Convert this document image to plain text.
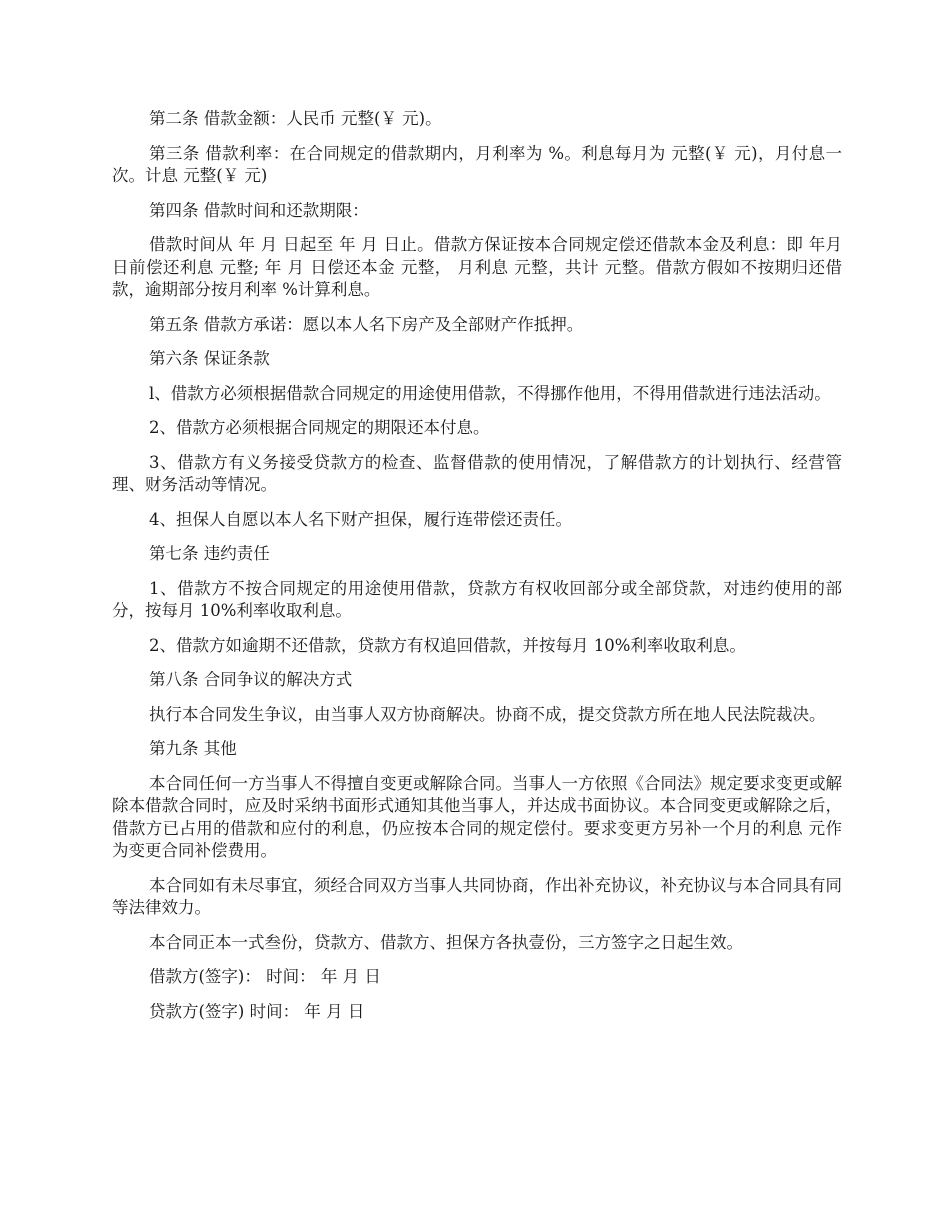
第二条 借款金额：人民币 元整(￥ 元)。

第三条 借款利率：在合同规定的借款期内，月利率为 %。利息每月为 元整(￥ 元)，月付息一次。计息 元整(￥ 元)

第四条 借款时间和还款期限：

借款时间从 年 月 日起至 年 月 日止。借款方保证按本合同规定偿还借款本金及利息：即 年月 日前偿还利息 元整; 年 月 日偿还本金 元整， 月利息 元整，共计 元整。借款方假如不按期归还借款，逾期部分按月利率 %计算利息。

第五条 借款方承诺：愿以本人名下房产及全部财产作抵押。

第六条 保证条款

l、借款方必须根据借款合同规定的用途使用借款，不得挪作他用，不得用借款进行违法活动。

2、借款方必须根据合同规定的期限还本付息。

3、借款方有义务接受贷款方的检查、监督借款的使用情况，了解借款方的计划执行、经营管理、财务活动等情况。

4、担保人自愿以本人名下财产担保，履行连带偿还责任。

第七条 违约责任

1、借款方不按合同规定的用途使用借款，贷款方有权收回部分或全部贷款，对违约使用的部分，按每月 10%利率收取利息。

2、借款方如逾期不还借款，贷款方有权追回借款，并按每月 10%利率收取利息。

第八条 合同争议的解决方式

执行本合同发生争议，由当事人双方协商解决。协商不成，提交贷款方所在地人民法院裁决。

第九条 其他

本合同任何一方当事人不得擅自变更或解除合同。当事人一方依照《合同法》规定要求变更或解除本借款合同时，应及时采纳书面形式通知其他当事人，并达成书面协议。本合同变更或解除之后，借款方已占用的借款和应付的利息，仍应按本合同的规定偿付。要求变更方另补一个月的利息 元作为变更合同补偿费用。

本合同如有未尽事宜，须经合同双方当事人共同协商，作出补充协议，补充协议与本合同具有同等法律效力。

本合同正本一式叁份，贷款方、借款方、担保方各执壹份，三方签字之日起生效。

借款方(签字)： 时间： 年 月 日

贷款方(签字) 时间： 年 月 日
